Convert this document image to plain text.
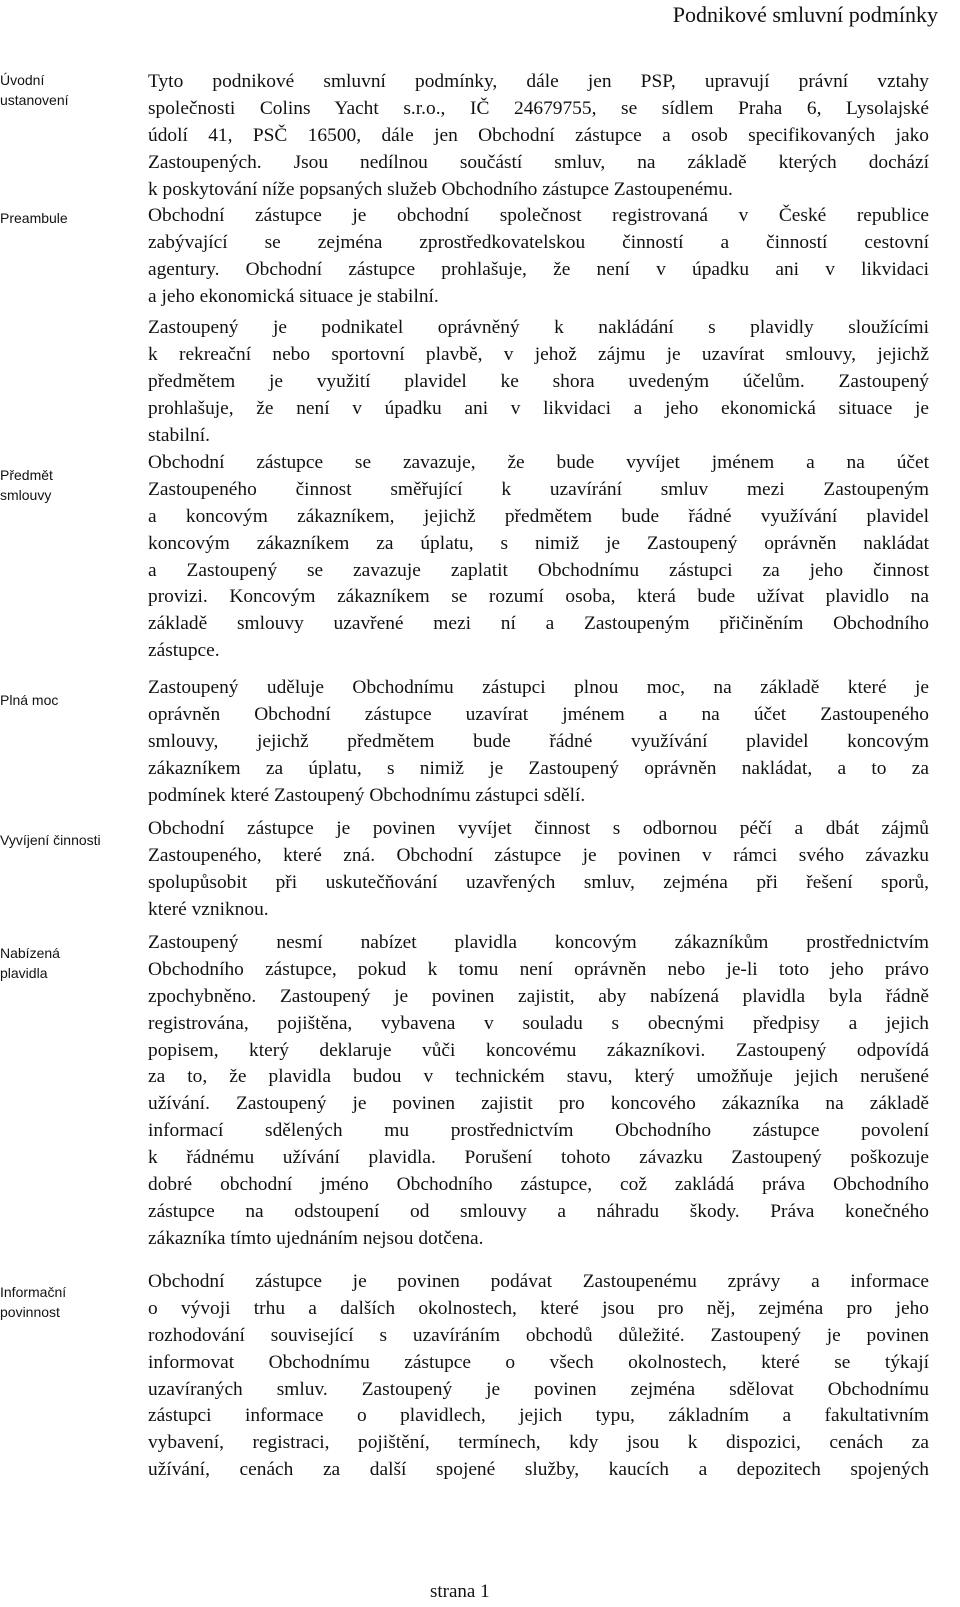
Podnikové smluvní podmínky
Úvodní
ustanovení
Preambule
Předmět
smlouvy
Plná moc
Vyvíjení činnosti
Nabízená
plavidla
Informační
povinnost
Tyto podnikové smluvní podmínky, dále jen PSP, upravují právní vztahy
společnosti Colins Yacht s.r.o., IČ 24679755, se sídlem Praha 6, Lysolajské
údolí 41, PSČ 16500, dále jen Obchodní zástupce a osob specifikovaných jako
Zastoupených. Jsou nedílnou součástí smluv, na základě kterých dochází
k poskytování níže popsaných služeb Obchodního zástupce Zastoupenému.
Obchodní zástupce je obchodní společnost registrovaná v České republice
zabývající se zejména zprostředkovatelskou činností a činností cestovní
agentury. Obchodní zástupce prohlašuje, že není v úpadku ani v likvidaci
a jeho ekonomická situace je stabilní.
Zastoupený je podnikatel oprávněný k nakládání s plavidly sloužícími
k rekreační nebo sportovní plavbě, v jehož zájmu je uzavírat smlouvy, jejichž
předmětem je využití plavidel ke shora uvedeným účelům. Zastoupený
prohlašuje, že není v úpadku ani v likvidaci a jeho ekonomická situace je
stabilní.
Obchodní zástupce se zavazuje, že bude vyvíjet jménem a na účet
Zastoupeného činnost směřující k uzavírání smluv mezi Zastoupeným
a koncovým zákazníkem, jejichž předmětem bude řádné využívání plavidel
koncovým zákazníkem za úplatu, s nimiž je Zastoupený oprávněn nakládat
a Zastoupený se zavazuje zaplatit Obchodnímu zástupci za jeho činnost
provizi. Koncovým zákazníkem se rozumí osoba, která bude užívat plavidlo na
základě smlouvy uzavřené mezi ní a Zastoupeným přičiněním Obchodního
zástupce.
Zastoupený uděluje Obchodnímu zástupci plnou moc, na základě které je
oprávněn Obchodní zástupce uzavírat jménem a na účet Zastoupeného
smlouvy, jejichž předmětem bude řádné využívání plavidel koncovým
zákazníkem za úplatu, s nimiž je Zastoupený oprávněn nakládat, a to za
podmínek které Zastoupený Obchodnímu zástupci sdělí.
Obchodní zástupce je povinen vyvíjet činnost s odbornou péčí a dbát zájmů
Zastoupeného, které zná. Obchodní zástupce je povinen v rámci svého závazku
spolupůsobit při uskutečňování uzavřených smluv, zejména při řešení sporů,
které vzniknou.
Zastoupený nesmí nabízet plavidla koncovým zákazníkům prostřednictvím
Obchodního zástupce, pokud k tomu není oprávněn nebo je-li toto jeho právo
zpochybněno. Zastoupený je povinen zajistit, aby nabízená plavidla byla řádně
registrována, pojištěna, vybavena v souladu s obecnými předpisy a jejich
popisem, který deklaruje vůči koncovému zákazníkovi. Zastoupený odpovídá
za to, že plavidla budou v technickém stavu, který umožňuje jejich nerušené
užívání. Zastoupený je povinen zajistit pro koncového zákazníka na základě
informací sdělených mu prostřednictvím Obchodního zástupce povolení
k řádnému užívání plavidla. Porušení tohoto závazku Zastoupený poškozuje
dobré obchodní jméno Obchodního zástupce, což zakládá práva Obchodního
zástupce na odstoupení od smlouvy a náhradu škody. Práva konečného
zákazníka tímto ujednáním nejsou dotčena.
Obchodní zástupce je povinen podávat Zastoupenému zprávy a informace
o vývoji trhu a dalších okolnostech, které jsou pro něj, zejména pro jeho
rozhodování související s uzavíráním obchodů důležité. Zastoupený je povinen
informovat Obchodnímu zástupce o všech okolnostech, které se týkají
uzavíraných smluv. Zastoupený je povinen zejména sdělovat Obchodnímu
zástupci informace o plavidlech, jejich typu, základním a fakultativním
vybavení, registraci, pojištění, termínech, kdy jsou k dispozici, cenách za
užívání, cenách za další spojené služby, kaucích a depozitech spojených
strana 1
